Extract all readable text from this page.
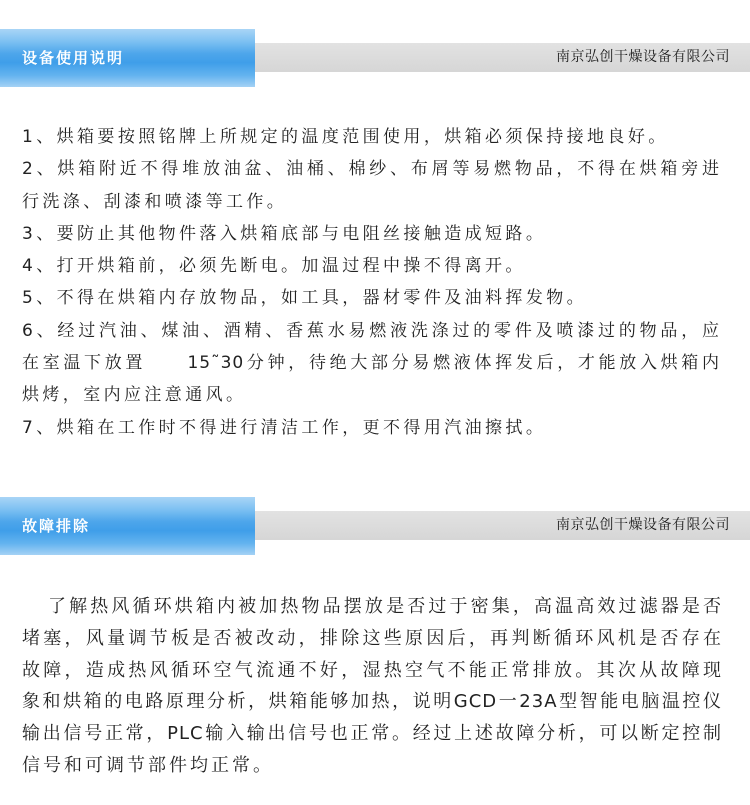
设备使用说明	南京弘创干燥设备有限公司
1、烘箱要按照铭牌上所规定的温度范围使用，烘箱必须保持接地良好。
2、烘箱附近不得堆放油盆、油桶、棉纱、布屑等易燃物品，不得在烘箱旁进
行洗涤、刮漆和喷漆等工作。
3、要防止其他物件落入烘箱底部与电阻丝接触造成短路。
4、打开烘箱前，必须先断电。加温过程中操不得离开。
5、不得在烘箱内存放物品，如工具，器材零件及油料挥发物。
6、经过汽油、煤油、酒精、香蕉水易燃液洗涤过的零件及喷漆过的物品，应
在室温下放置　　15˜30分钟，待绝大部分易燃液体挥发后，才能放入烘箱内
烘烤，室内应注意通风。
7、烘箱在工作时不得进行清洁工作，更不得用汽油擦拭。
故障排除	南京弘创干燥设备有限公司
了解热风循环烘箱内被加热物品摆放是否过于密集，高温高效过滤器是否
堵塞，风量调节板是否被改动，排除这些原因后，再判断循环风机是否存在
故障，造成热风循环空气流通不好，湿热空气不能正常排放。其次从故障现
象和烘箱的电路原理分析，烘箱能够加热，说明GCD一23A型智能电脑温控仪
输出信号正常，PLC输入输出信号也正常。经过上述故障分析，可以断定控制
信号和可调节部件均正常。
